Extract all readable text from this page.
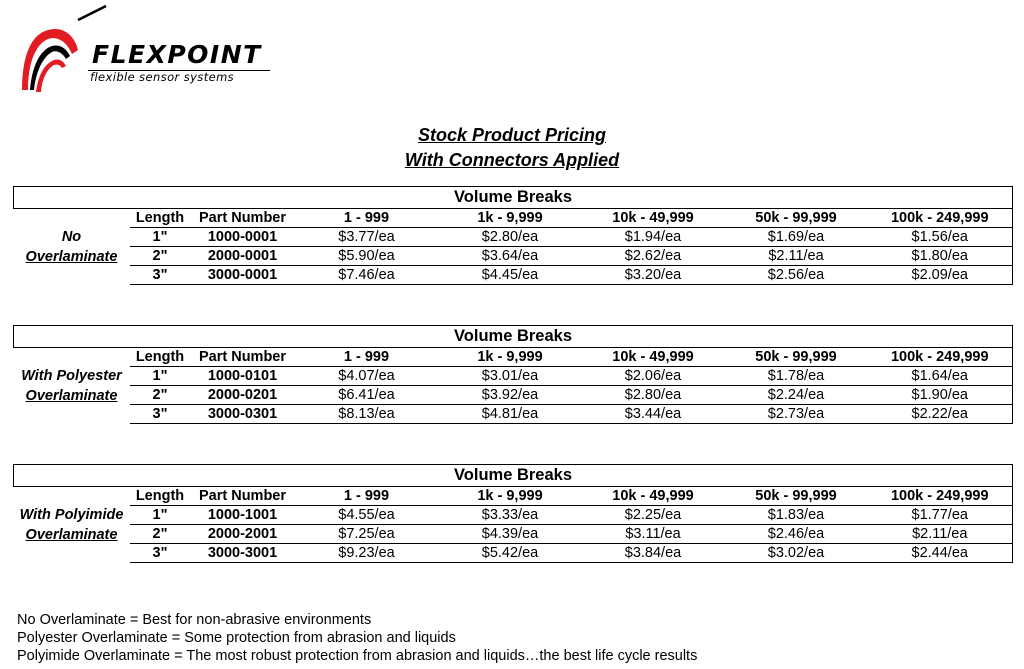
FLEXPOINT
flexible sensor systems
Stock Product Pricing
With Connectors Applied
Volume Breaks							

No
Overlaminate	Length	Part Number	1 - 999	1k - 9,999	10k - 49,999	50k - 99,999	100k - 249,999
	1"	1000-0001	$3.77/ea	$2.80/ea	$1.94/ea	$1.69/ea	$1.56/ea
	2"	2000-0001	$5.90/ea	$3.64/ea	$2.62/ea	$2.11/ea	$1.80/ea
	3"	3000-0001	$7.46/ea	$4.45/ea	$3.20/ea	$2.56/ea	$2.09/ea
Volume Breaks							

With Polyester
Overlaminate	Length	Part Number	1 - 999	1k - 9,999	10k - 49,999	50k - 99,999	100k - 249,999
	1"	1000-0101	$4.07/ea	$3.01/ea	$2.06/ea	$1.78/ea	$1.64/ea
	2"	2000-0201	$6.41/ea	$3.92/ea	$2.80/ea	$2.24/ea	$1.90/ea
	3"	3000-0301	$8.13/ea	$4.81/ea	$3.44/ea	$2.73/ea	$2.22/ea
Volume Breaks							

With Polyimide
Overlaminate	Length	Part Number	1 - 999	1k - 9,999	10k - 49,999	50k - 99,999	100k - 249,999
	1"	1000-1001	$4.55/ea	$3.33/ea	$2.25/ea	$1.83/ea	$1.77/ea
	2"	2000-2001	$7.25/ea	$4.39/ea	$3.11/ea	$2.46/ea	$2.11/ea
	3"	3000-3001	$9.23/ea	$5.42/ea	$3.84/ea	$3.02/ea	$2.44/ea
No Overlaminate = Best for non-abrasive environments
Polyester Overlaminate = Some protection from abrasion and liquids
Polyimide Overlaminate = The most robust protection from abrasion and liquids…the best life cycle results
